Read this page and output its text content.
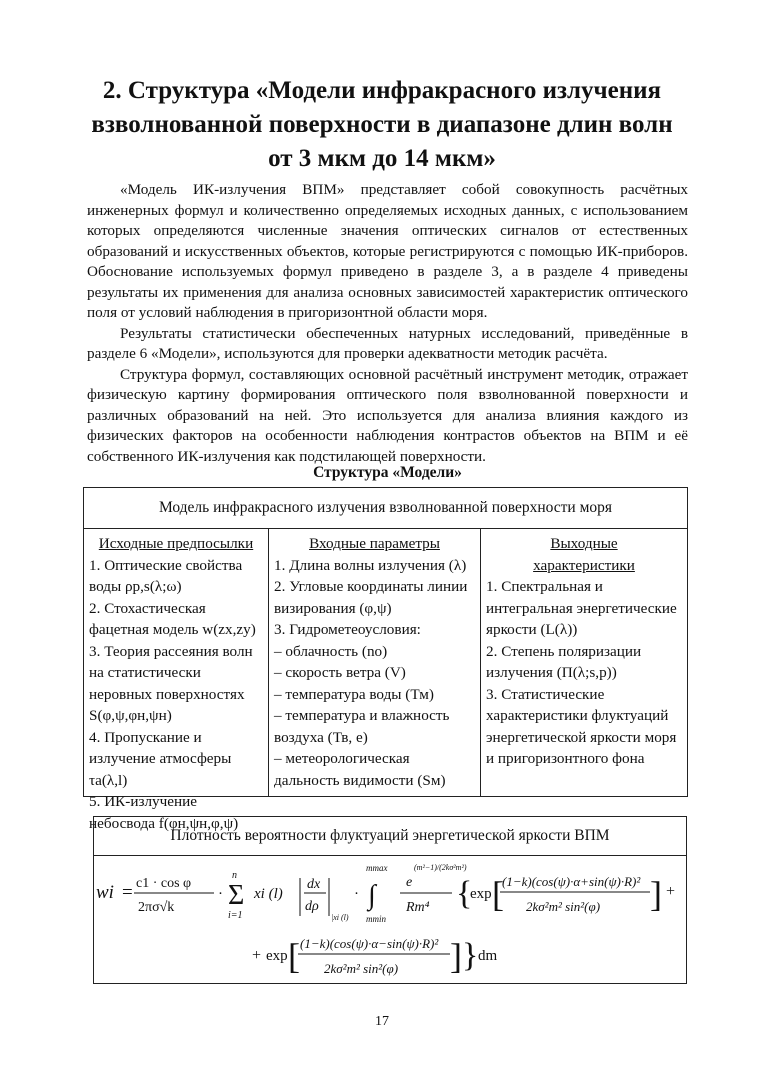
2. Структура «Модели инфракрасного излучения
взволнованной поверхности в диапазоне длин волн
от 3 мкм до 14 мкм»

«Модель ИК-излучения ВПМ» представляет собой совокупность расчётных инженерных формул и количественно определяемых исходных данных, с использованием которых определяются численные значения оптических сигналов от естественных образований и искусственных объектов, которые регистрируются с помощью ИК-приборов. Обоснование используемых формул приведено в разделе 3, а в разделе 4 приведены результаты их применения для анализа основных зависимостей характеристик оптического поля от условий наблюдения в пригоризонтной области моря.

Результаты статистически обеспеченных натурных исследований, приведённые в разделе 6 «Модели», используются для проверки адекватности методик расчёта.

Структура формул, составляющих основной расчётный инструмент методик, отражает физическую картину формирования оптического поля взволнованной поверхности и различных образований на ней. Это используется для анализа влияния каждого из физических факторов на особенности наблюдения контрастов объектов на ВПМ и её собственного ИК-излучения как подстилающей поверхности.

Структура «Модели»
Модель инфракрасного излучения взволнованной поверхности моря
Исходные предпосылки
1. Оптические свойства воды ρp,s(λ;ω)
2. Стохастическая фацетная модель w(zx,zy)
3. Теория рассеяния волн на статистически неровных поверхностях S(φ,ψ,φн,ψн)
4. Пропускание и излучение атмосферы τa(λ,l)
5. ИК-излучение небосвода f(φн,ψн,φ,ψ)
Входные параметры
1. Длина волны излучения (λ)
2. Угловые координаты линии визирования (φ,ψ)
3. Гидрометеоусловия:
– облачность (nо)
– скорость ветра (V)
– температура воды (Тм)
– температура и влажность воздуха (Тв, е)
– метеорологическая дальность видимости (Sм)
Выходные
характеристики
1. Спектральная и интегральная энергетические яркости (L(λ))
2. Степень поляризации излучения (П(λ;s,p))
3. Статистические характеристики флуктуаций энергетической яркости моря и пригоризонтного фона
Плотность вероятности флуктуаций энергетической яркости ВПМ
wi = c1 · cos φ
2πσ√k
· Σ
n
i=1
xi (l)
dx
dρ
|xi (l)
· ∫
mmax
mmin
e
(m²−1)/(2kσ²m²)
Rm⁴ {
exp [
(1−k)(cos(ψ)·α+sin(ψ)·R)²
2kσ²m² sin²(φ) ] +
+ exp [ (1−k)(cos(ψ)·α−sin(ψ)·R)²
2kσ²m² sin²(φ) ] } dm
17
